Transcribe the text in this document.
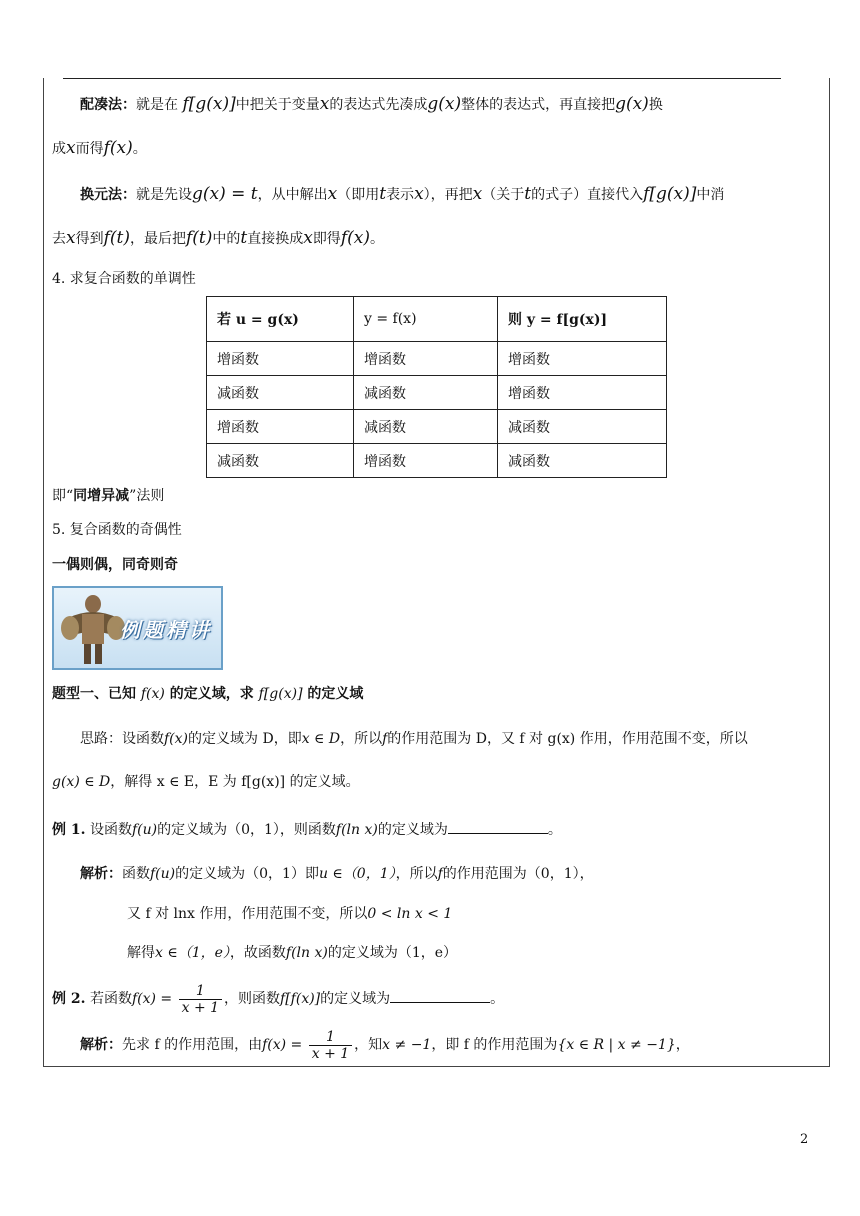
配凑法：就是在 f[g(x)]中把关于变量x的表达式先凑成g(x)整体的表达式，再直接把g(x)换
成x而得f(x)。
换元法：就是先设g(x) = t，从中解出x（即用t表示x），再把x（关于t的式子）直接代入f[g(x)]中消
去x得到f(t)，最后把f(t)中的t直接换成x即得f(x)。
4. 求复合函数的单调性
若 u = g(x)	y = f(x)	则 y = f[g(x)]
增函数	增函数	增函数
减函数	减函数	增函数
增函数	减函数	减函数
减函数	增函数	减函数
即“同增异减”法则
5. 复合函数的奇偶性
一偶则偶，同奇则奇
例题精讲
题型一、已知 f(x) 的定义域，求 f[g(x)] 的定义域
思路：设函数f(x)的定义域为 D，即x ∈ D，所以f的作用范围为 D，又 f 对 g(x) 作用，作用范围不变，所以
g(x) ∈ D，解得 x ∈ E，E 为 f[g(x)] 的定义域。
例 1. 设函数f(u)的定义域为（0，1），则函数f(ln x)的定义域为	。
解析：函数f(u)的定义域为（0，1）即u ∈（0，1），所以f的作用范围为（0，1），
又 f 对 lnx 作用，作用范围不变，所以0 < ln x < 1
解得x ∈（1，e），故函数f(ln x)的定义域为（1，e）
例 2. 若函数$f(x) = \frac{1}{x + 1}$ ，则函数f[f(x)]的定义域为	。
解析：先求 f 的作用范围，由$f(x) = \frac{1}{x + 1}$ ，知x ≠ −1，即 f 的作用范围为{x ∈ R | x ≠ −1}，
2
